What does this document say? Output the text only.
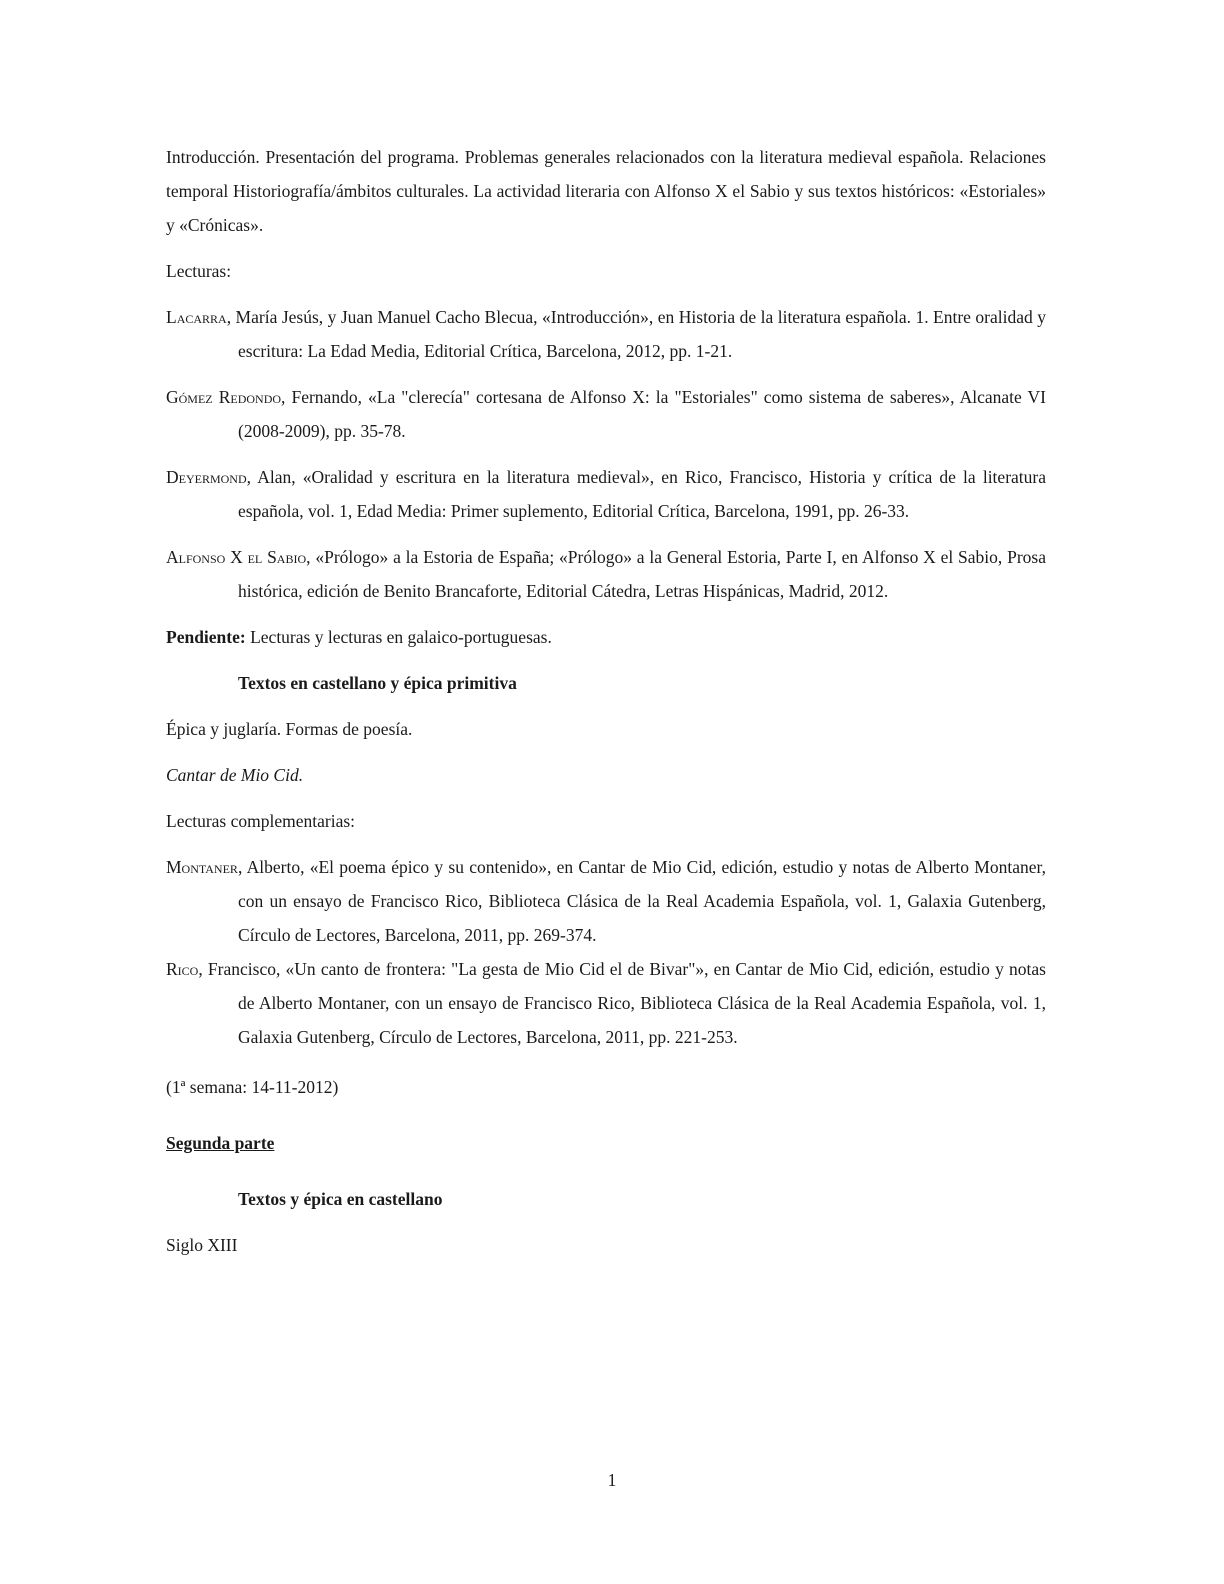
Introducción. Presentación del programa. Problemas generales relacionados con la literatura medieval española. Relaciones temporal Historiografía/ámbitos culturales. La actividad literaria con Alfonso X el Sabio y sus textos históricos: «Estoriales» y «Crónicas».

Lecturas:

Lacarra, María Jesús, y Juan Manuel Cacho Blecua, «Introducción», en Historia de la literatura española. 1. Entre oralidad y escritura: La Edad Media, Editorial Crítica, Barcelona, 2012, pp. 1-21.

Gómez Redondo, Fernando, «La "clerecía" cortesana de Alfonso X: la "Estoriales" como sistema de saberes», Alcanate VI (2008-2009), pp. 35-78.

Deyermond, Alan, «Oralidad y escritura en la literatura medieval», en Rico, Francisco, Historia y crítica de la literatura española, vol. 1, Edad Media: Primer suplemento, Editorial Crítica, Barcelona, 1991, pp. 26-33.

Alfonso X el Sabio, «Prólogo» a la Estoria de España; «Prólogo» a la General Estoria, Parte I, en Alfonso X el Sabio, Prosa histórica, edición de Benito Brancaforte, Editorial Cátedra, Letras Hispánicas, Madrid, 2012.

Pendiente: Lecturas y lecturas en galaico-portuguesas.

Textos en castellano y épica primitiva

Épica y juglaría. Formas de poesía.

Cantar de Mio Cid.

Lecturas complementarias:

Montaner, Alberto, «El poema épico y su contenido», en Cantar de Mio Cid, edición, estudio y notas de Alberto Montaner, con un ensayo de Francisco Rico, Biblioteca Clásica de la Real Academia Española, vol. 1, Galaxia Gutenberg, Círculo de Lectores, Barcelona, 2011, pp. 269-374.

Rico, Francisco, «Un canto de frontera: "La gesta de Mio Cid el de Bivar"», en Cantar de Mio Cid, edición, estudio y notas de Alberto Montaner, con un ensayo de Francisco Rico, Biblioteca Clásica de la Real Academia Española, vol. 1, Galaxia Gutenberg, Círculo de Lectores, Barcelona, 2011, pp. 221-253.

(1ª semana: 14-11-2012)

Segunda parte

Textos y épica en castellano

Siglo XIII

1
